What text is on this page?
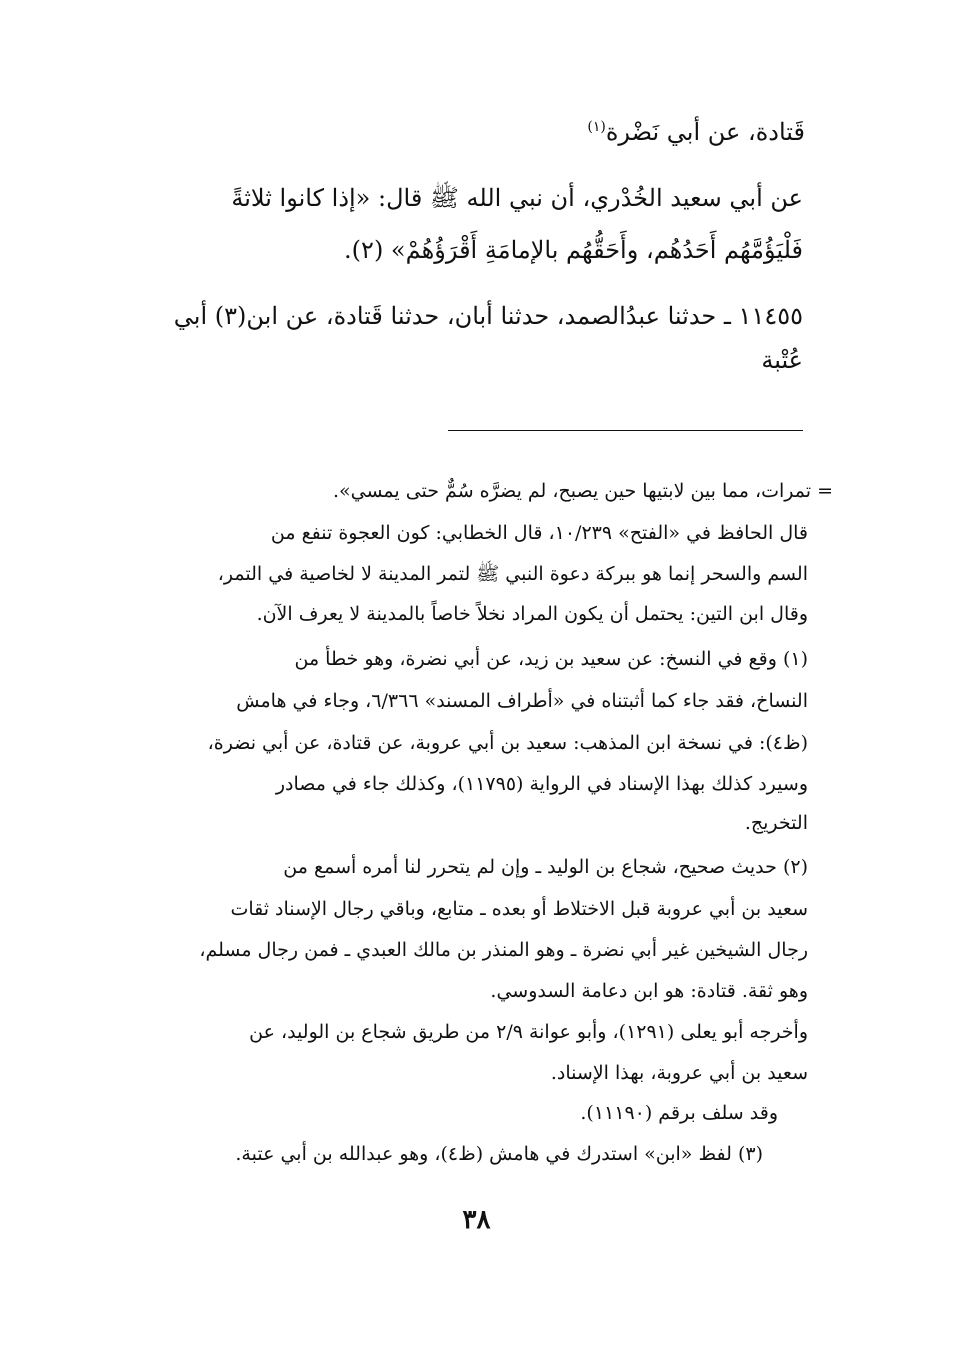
قَتادة، عن أبي نَضْرة$^{(١)}$
عن أبي سعيد الخُدْري، أن نبي الله ﷺ قال: «إذا كانوا ثلاثةً
فَلْيَؤُمَّهُم أَحَدُهُم، وأَحَقُّهُم بالإمامَةِ أَقْرَؤُهُمْ» (٢).
١١٤٥٥ ـ حدثنا عبدُالصمد، حدثنا أبان، حدثنا قَتادة، عن ابن(٣) أبي
عُتْبة
= تمرات، مما بين لابتيها حين يصبح، لم يضرَّه سُمٌّ حتى يمسي».
قال الحافظ في «الفتح» ١٠/٢٣٩، قال الخطابي: كون العجوة تنفع من
السم والسحر إنما هو ببركة دعوة النبي ﷺ لتمر المدينة لا لخاصية في التمر،
وقال ابن التين: يحتمل أن يكون المراد نخلاً خاصاً بالمدينة لا يعرف الآن.
(١) وقع في النسخ: عن سعيد بن زيد، عن أبي نضرة، وهو خطأ من
النساخ، فقد جاء كما أثبتناه في «أطراف المسند» ٦/٣٦٦، وجاء في هامش
(ظ٤): في نسخة ابن المذهب: سعيد بن أبي عروبة، عن قتادة، عن أبي نضرة،
وسيرد كذلك بهذا الإسناد في الرواية (١١٧٩٥)، وكذلك جاء في مصادر
التخريج.
(٢) حديث صحيح، شجاع بن الوليد ـ وإن لم يتحرر لنا أمره أسمع من
سعيد بن أبي عروبة قبل الاختلاط أو بعده ـ متابع، وباقي رجال الإسناد ثقات
رجال الشيخين غير أبي نضرة ـ وهو المنذر بن مالك العبدي ـ فمن رجال مسلم،
وهو ثقة. قتادة: هو ابن دعامة السدوسي.
وأخرجه أبو يعلى (١٢٩١)، وأبو عوانة ٢/٩ من طريق شجاع بن الوليد، عن
سعيد بن أبي عروبة، بهذا الإسناد.
وقد سلف برقم (١١١٩٠).
(٣) لفظ «ابن» استدرك في هامش (ظ٤)، وهو عبدالله بن أبي عتبة.
٣٨
